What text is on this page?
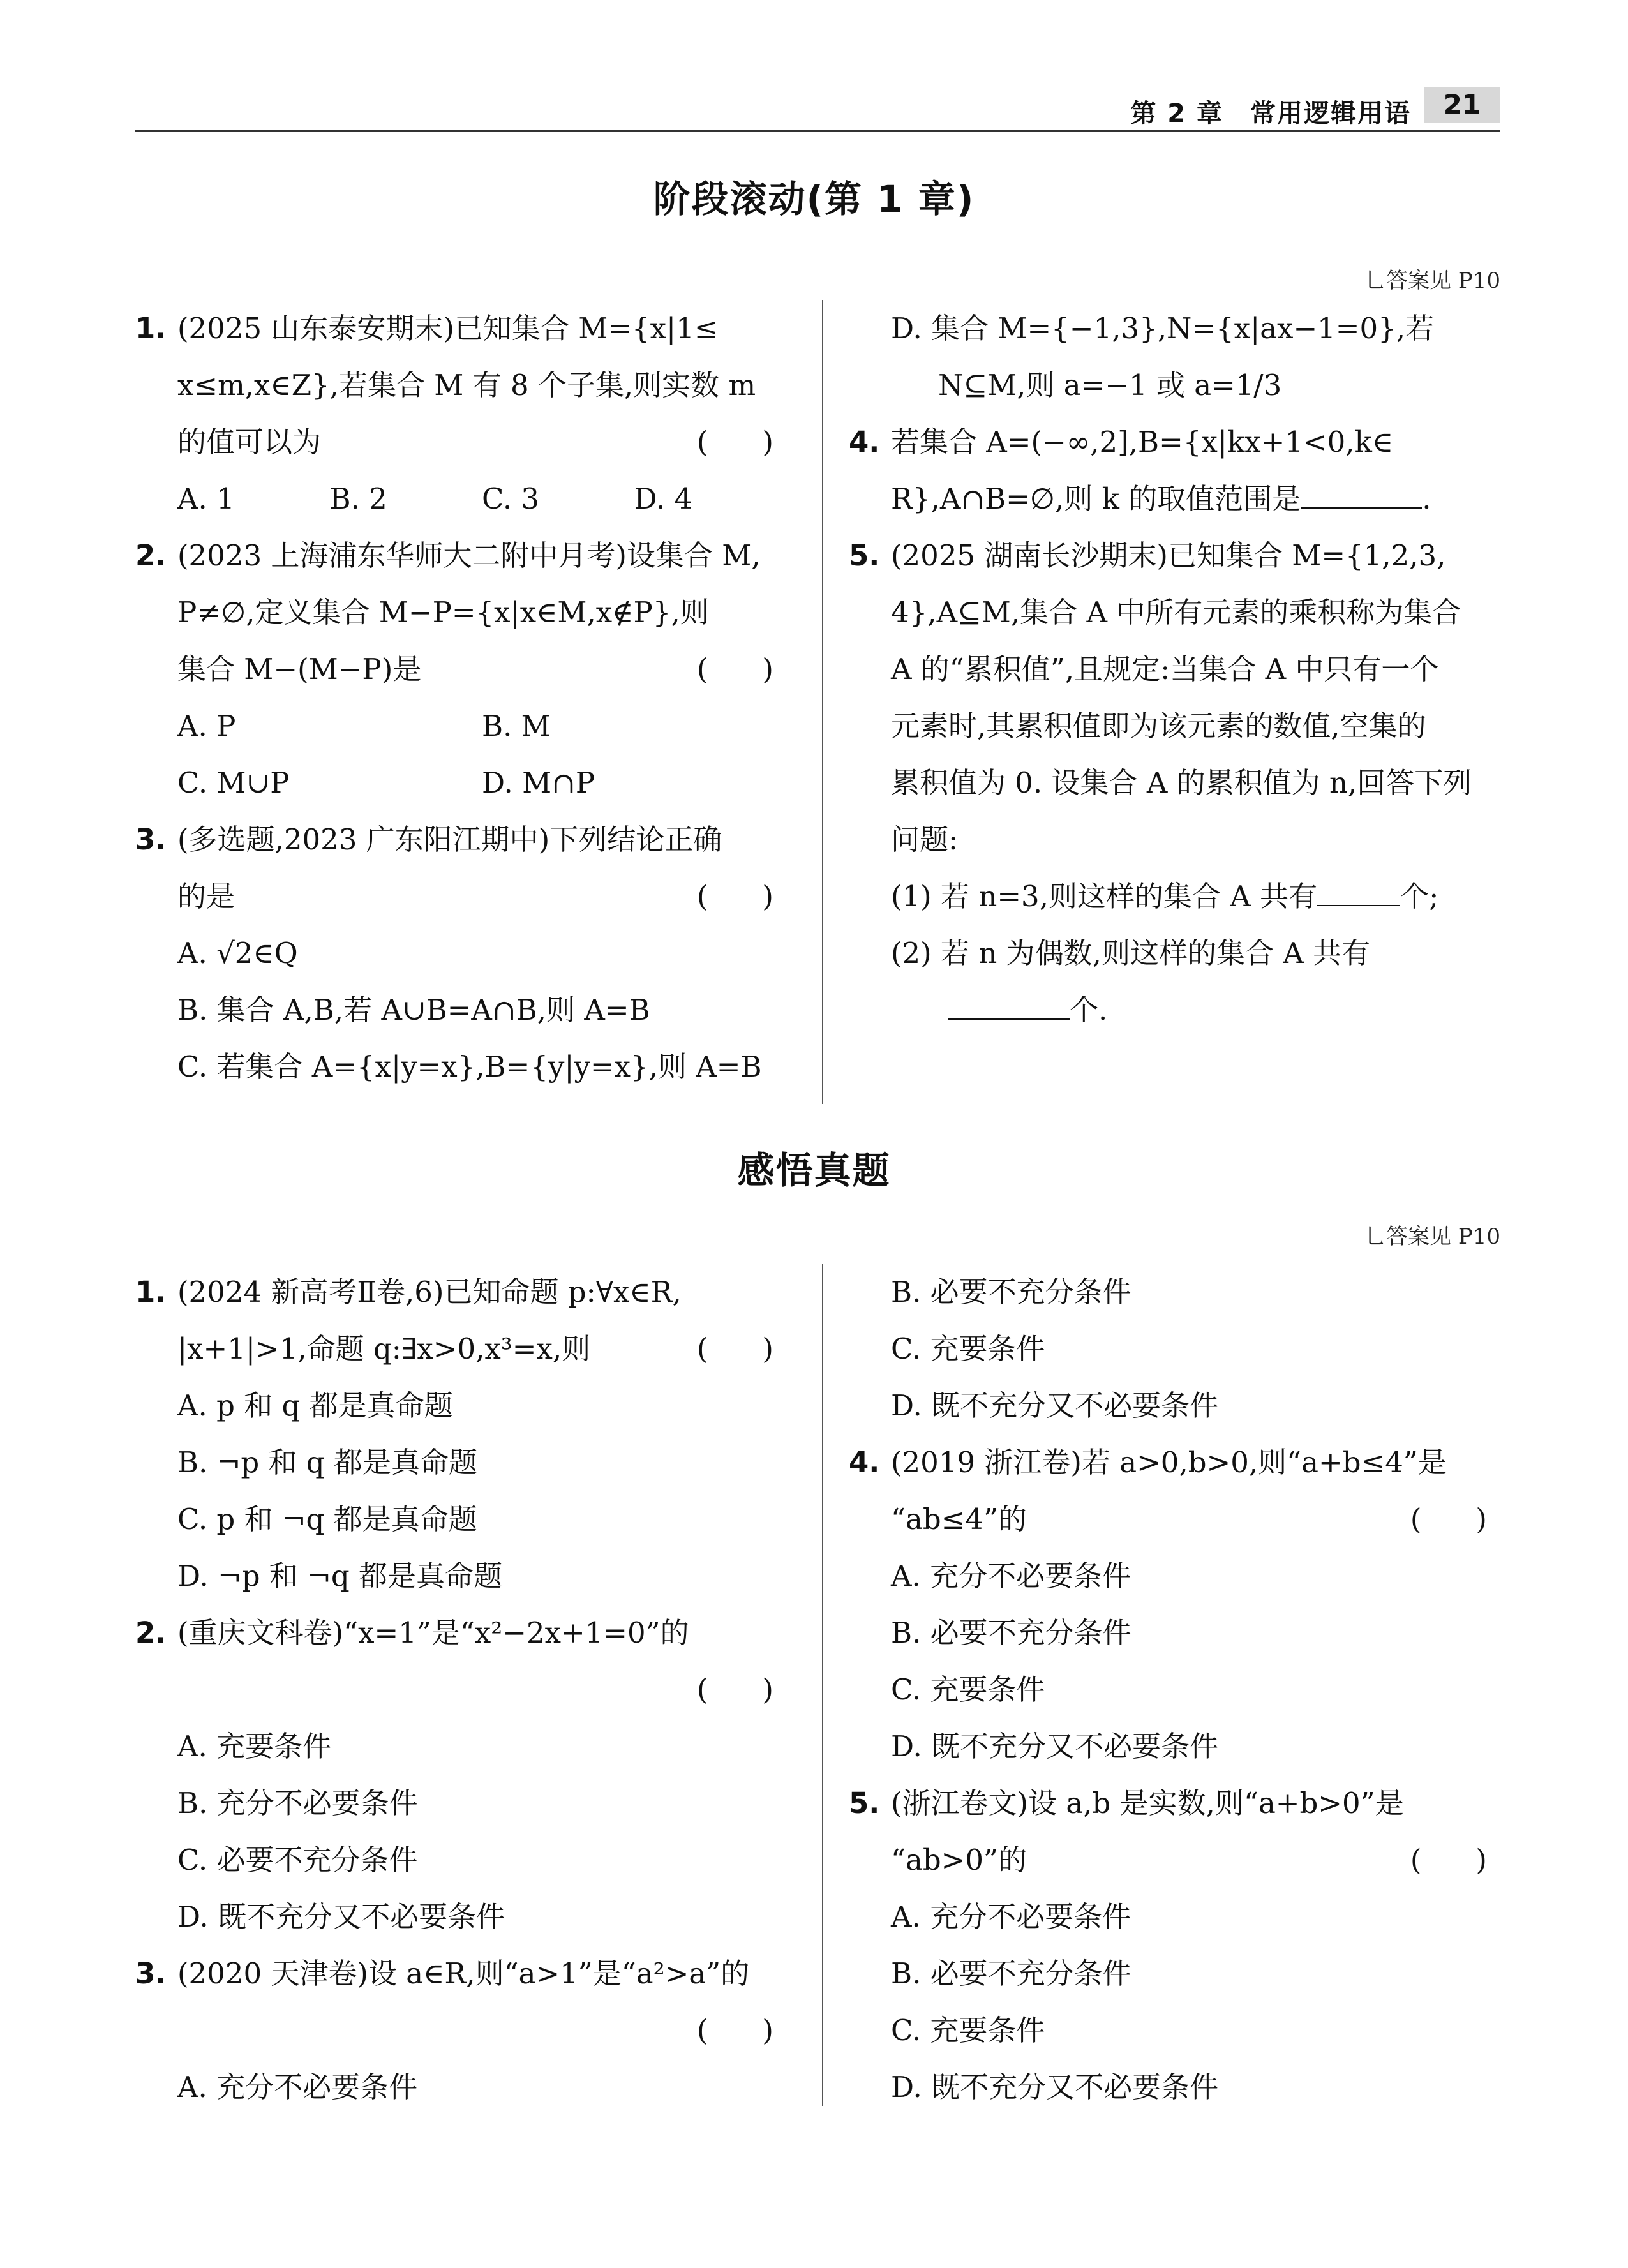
第 2 章　常用逻辑用语	21
阶段滚动(第 1 章)
乚答案见 P10
1. (2025 山东泰安期末)已知集合 M={x|1≤
x≤m,x∈Z},若集合 M 有 8 个子集,则实数 m
的值可以为	(　)
A. 1	B. 2	C. 3	D. 4
2. (2023 上海浦东华师大二附中月考)设集合 M,
P≠∅,定义集合 M−P={x|x∈M,x∉P},则
集合 M−(M−P)是	(　)
A. P	B. M
C. M∪P	D. M∩P
3. (多选题,2023 广东阳江期中)下列结论正确
的是	(　)
A. √2∈Q
B. 集合 A,B,若 A∪B=A∩B,则 A=B
C. 若集合 A={x|y=x},B={y|y=x},则 A=B
D. 集合 M={−1,3},N={x|ax−1=0},若
N⊆M,则 a=−1 或 a=1/3
4. 若集合 A=(−∞,2],B={x|kx+1<0,k∈
R},A∩B=∅,则 k 的取值范围是	.
5. (2025 湖南长沙期末)已知集合 M={1,2,3,
4},A⊆M,集合 A 中所有元素的乘积称为集合
A 的“累积值”,且规定:当集合 A 中只有一个
元素时,其累积值即为该元素的数值,空集的
累积值为 0. 设集合 A 的累积值为 n,回答下列
问题:
(1) 若 n=3,则这样的集合 A 共有	个;
(2) 若 n 为偶数,则这样的集合 A 共有
个.
感悟真题
乚答案见 P10
1. (2024 新高考Ⅱ卷,6)已知命题 p:∀x∈R,
|x+1|>1,命题 q:∃x>0,x³=x,则	(　)
A. p 和 q 都是真命题
B. ¬p 和 q 都是真命题
C. p 和 ¬q 都是真命题
D. ¬p 和 ¬q 都是真命题
2. (重庆文科卷)“x=1”是“x²−2x+1=0”的
(　)
A. 充要条件
B. 充分不必要条件
C. 必要不充分条件
D. 既不充分又不必要条件
3. (2020 天津卷)设 a∈R,则“a>1”是“a²>a”的
(　)
A. 充分不必要条件
B. 必要不充分条件
C. 充要条件
D. 既不充分又不必要条件
4. (2019 浙江卷)若 a>0,b>0,则“a+b≤4”是
“ab≤4”的	(　)
A. 充分不必要条件
B. 必要不充分条件
C. 充要条件
D. 既不充分又不必要条件
5. (浙江卷文)设 a,b 是实数,则“a+b>0”是
“ab>0”的	(　)
A. 充分不必要条件
B. 必要不充分条件
C. 充要条件
D. 既不充分又不必要条件
